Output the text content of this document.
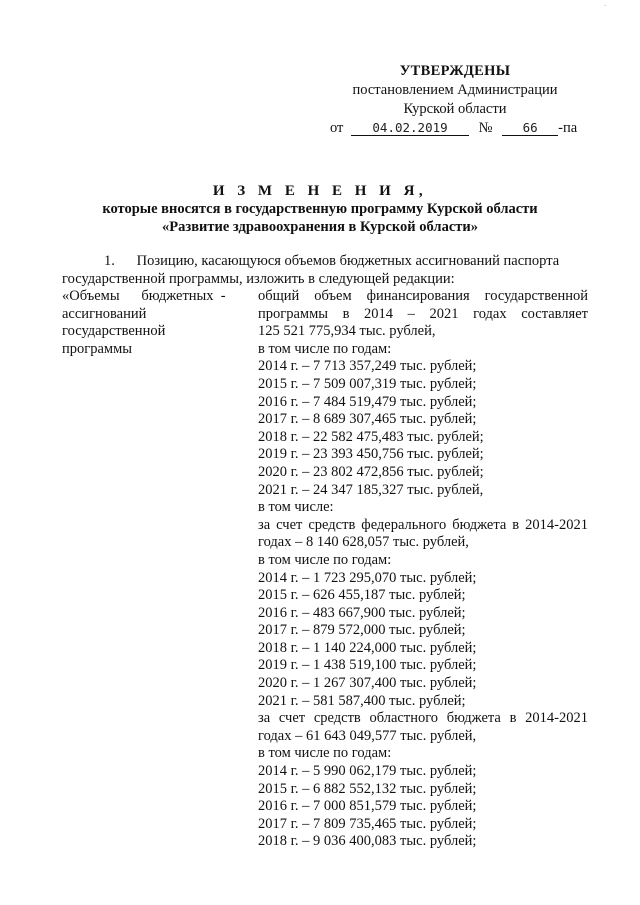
·
УТВЕРЖДЕНЫ
постановлением Администрации
Курской области
от 04.02.2019 № 66 -па
И З М Е Н Е Н И Я,
которые вносятся в государственную программу Курской области
«Развитие здравоохранения в Курской области»
1.      Позицию, касающуюся объемов бюджетных ассигнований паспорта
государственной программы, изложить в следующей редакции:
«Объемы      бюджетных  -
ассигнований
государственной
программы
общий объем финансирования государственной
программы в 2014 – 2021 годах составляет
125 521 775,934 тыс. рублей,
в том числе по годам:
2014 г. – 7 713 357,249 тыс. рублей;
2015 г. – 7 509 007,319 тыс. рублей;
2016 г. – 7 484 519,479 тыс. рублей;
2017 г. – 8 689 307,465 тыс. рублей;
2018 г. – 22 582 475,483 тыс. рублей;
2019 г. – 23 393 450,756 тыс. рублей;
2020 г. – 23 802 472,856 тыс. рублей;
2021 г. – 24 347 185,327 тыс. рублей,
в том числе:
за счет средств федерального бюджета в 2014-2021
годах – 8 140 628,057 тыс. рублей,
в том числе по годам:
2014 г. – 1 723 295,070 тыс. рублей;
2015 г. – 626 455,187 тыс. рублей;
2016 г. – 483 667,900 тыс. рублей;
2017 г. – 879 572,000 тыс. рублей;
2018 г. – 1 140 224,000 тыс. рублей;
2019 г. – 1 438 519,100 тыс. рублей;
2020 г. – 1 267 307,400 тыс. рублей;
2021 г. – 581 587,400 тыс. рублей;
за счет средств областного бюджета в 2014-2021
годах – 61 643 049,577 тыс. рублей,
в том числе по годам:
2014 г. – 5 990 062,179 тыс. рублей;
2015 г. – 6 882 552,132 тыс. рублей;
2016 г. – 7 000 851,579 тыс. рублей;
2017 г. – 7 809 735,465 тыс. рублей;
2018 г. – 9 036 400,083 тыс. рублей;
